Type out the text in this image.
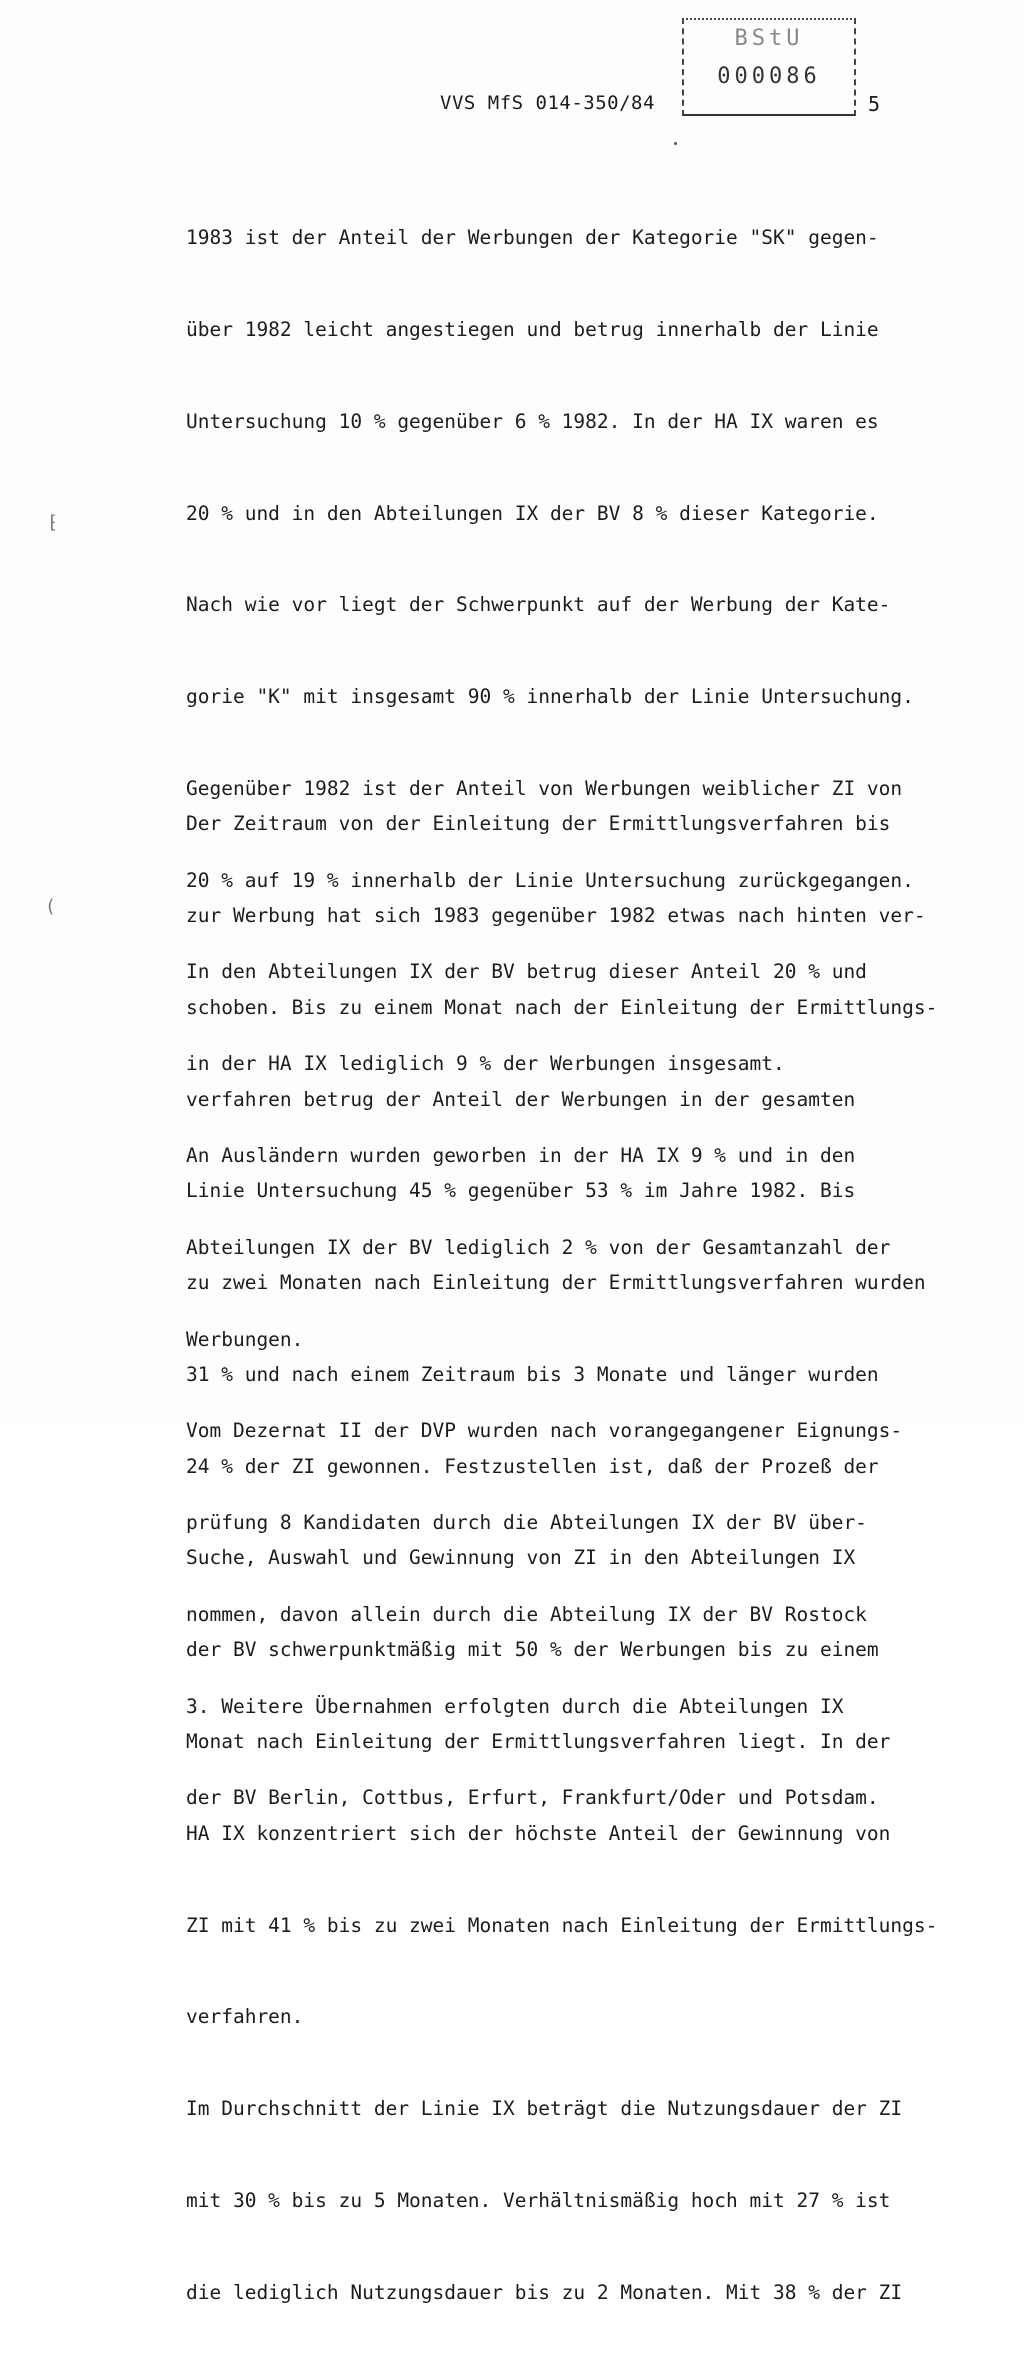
BStU
000086
VVS MfS 014-350/84	5
⁅
(

1983 ist der Anteil der Werbungen der Kategorie "SK" gegen-

über 1982 leicht angestiegen und betrug innerhalb der Linie

Untersuchung 10 % gegenüber 6 % 1982. In der HA IX waren es

20 % und in den Abteilungen IX der BV 8 % dieser Kategorie.

Nach wie vor liegt der Schwerpunkt auf der Werbung der Kate-

gorie "K" mit insgesamt 90 % innerhalb der Linie Untersuchung.

Gegenüber 1982 ist der Anteil von Werbungen weiblicher ZI von

20 % auf 19 % innerhalb der Linie Untersuchung zurückgegangen.

In den Abteilungen IX der BV betrug dieser Anteil 20 % und

in der HA IX lediglich 9 % der Werbungen insgesamt.

An Ausländern wurden geworben in der HA IX 9 % und in den

Abteilungen IX der BV lediglich 2 % von der Gesamtanzahl der

Werbungen.

Vom Dezernat II der DVP wurden nach vorangegangener Eignungs-

prüfung 8 Kandidaten durch die Abteilungen IX der BV über-

nommen, davon allein durch die Abteilung IX der BV Rostock

3. Weitere Übernahmen erfolgten durch die Abteilungen IX

der BV Berlin, Cottbus, Erfurt, Frankfurt/Oder und Potsdam.

Der Zeitraum von der Einleitung der Ermittlungsverfahren bis

zur Werbung hat sich 1983 gegenüber 1982 etwas nach hinten ver-

schoben. Bis zu einem Monat nach der Einleitung der Ermittlungs-

verfahren betrug der Anteil der Werbungen in der gesamten

Linie Untersuchung 45 % gegenüber 53 % im Jahre 1982. Bis

zu zwei Monaten nach Einleitung der Ermittlungsverfahren wurden

31 % und nach einem Zeitraum bis 3 Monate und länger wurden

24 % der ZI gewonnen. Festzustellen ist, daß der Prozeß der

Suche, Auswahl und Gewinnung von ZI in den Abteilungen IX

der BV schwerpunktmäßig mit 50 % der Werbungen bis zu einem

Monat nach Einleitung der Ermittlungsverfahren liegt. In der

HA IX konzentriert sich der höchste Anteil der Gewinnung von

ZI mit 41 % bis zu zwei Monaten nach Einleitung der Ermittlungs-

verfahren.

Im Durchschnitt der Linie IX beträgt die Nutzungsdauer der ZI

mit 30 % bis zu 5 Monaten. Verhältnismäßig hoch mit 27 % ist

die lediglich Nutzungsdauer bis zu 2 Monaten. Mit 38 % der ZI
